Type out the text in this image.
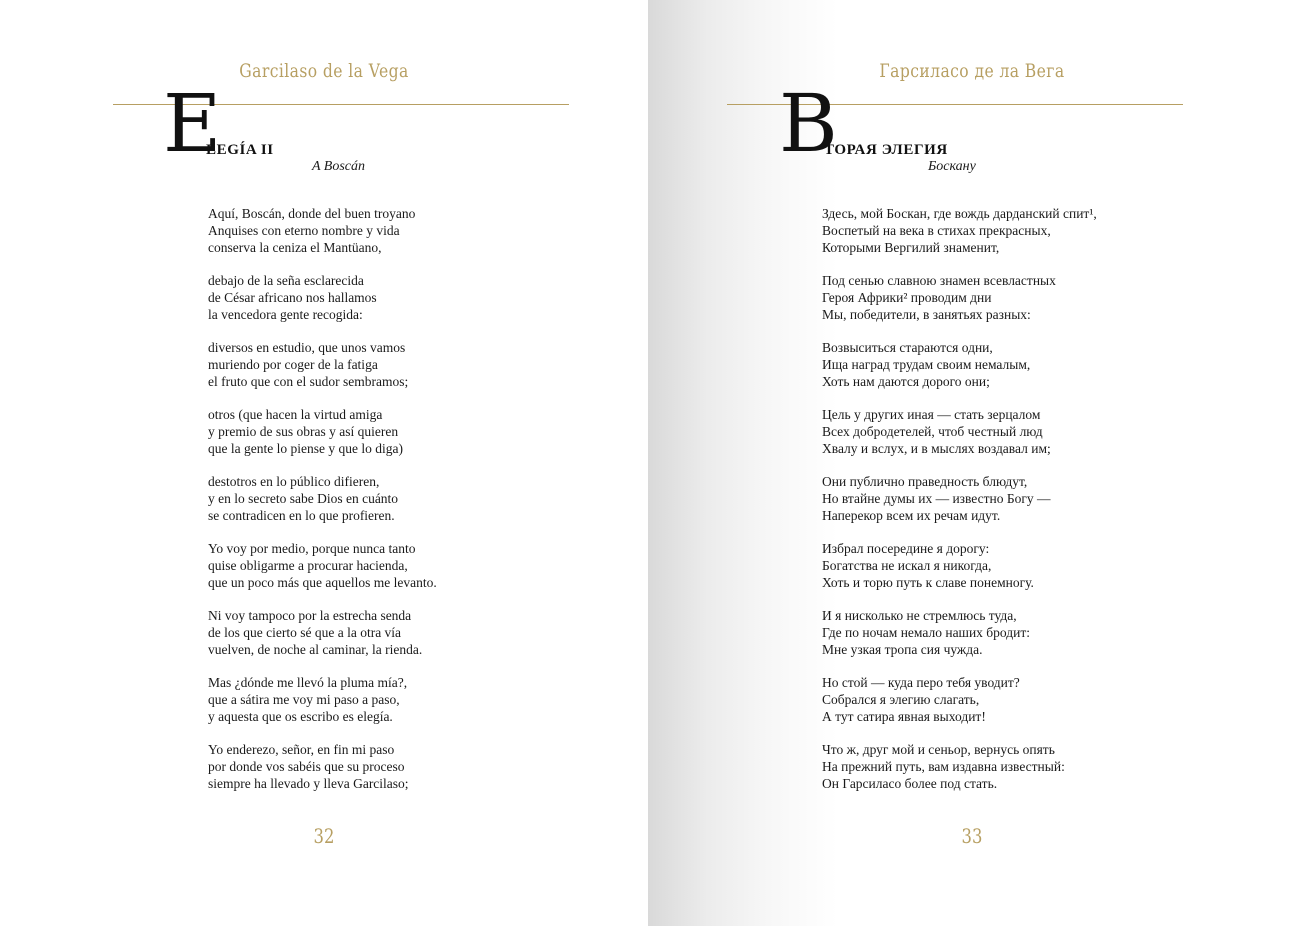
Garcilaso de la Vega
E
LEGÍA II
A Boscán
Aquí, Boscán, donde del buen troyano
Anquises con eterno nombre y vida
conserva la ceniza el Mantüano,
debajo de la seña esclarecida
de César africano nos hallamos
la vencedora gente recogida:
diversos en estudio, que unos vamos
muriendo por coger de la fatiga
el fruto que con el sudor sembramos;
otros (que hacen la virtud amiga
y premio de sus obras y así quieren
que la gente lo piense y que lo diga)
destotros en lo público difieren,
y en lo secreto sabe Dios en cuánto
se contradicen en lo que profieren.
Yo voy por medio, porque nunca tanto
quise obligarme a procurar hacienda,
que un poco más que aquellos me levanto.
Ni voy tampoco por la estrecha senda
de los que cierto sé que a la otra vía
vuelven, de noche al caminar, la rienda.
Mas ¿dónde me llevó la pluma mía?,
que a sátira me voy mi paso a paso,
y aquesta que os escribo es elegía.
Yo enderezo, señor, en fin mi paso
por donde vos sabéis que su proceso
siempre ha llevado y lleva Garcilaso;
32
Гарсиласо де ла Вега
В
ТОРАЯ ЭЛЕГИЯ
Боскану
Здесь, мой Боскан, где вождь дарданский спит¹,
Воспетый на века в стихах прекрасных,
Которыми Вергилий знаменит,
Под сенью славною знамен всевластных
Героя Африки² проводим дни
Мы, победители, в занятьях разных:
Возвыситься стараются одни,
Ища наград трудам своим немалым,
Хоть нам даются дорого они;
Цель у других иная — стать зерцалом
Всех добродетелей, чтоб честный люд
Хвалу и вслух, и в мыслях воздавал им;
Они публично праведность блюдут,
Но втайне думы их — известно Богу —
Наперекор всем их речам идут.
Избрал посередине я дорогу:
Богатства не искал я никогда,
Хоть и торю путь к славе понемногу.
И я нисколько не стремлюсь туда,
Где по ночам немало наших бродит:
Мне узкая тропа сия чужда.
Но стой — куда перо тебя уводит?
Собрался я элегию слагать,
А тут сатира явная выходит!
Что ж, друг мой и сеньор, вернусь опять
На прежний путь, вам издавна известный:
Он Гарсиласо более под стать.
33
